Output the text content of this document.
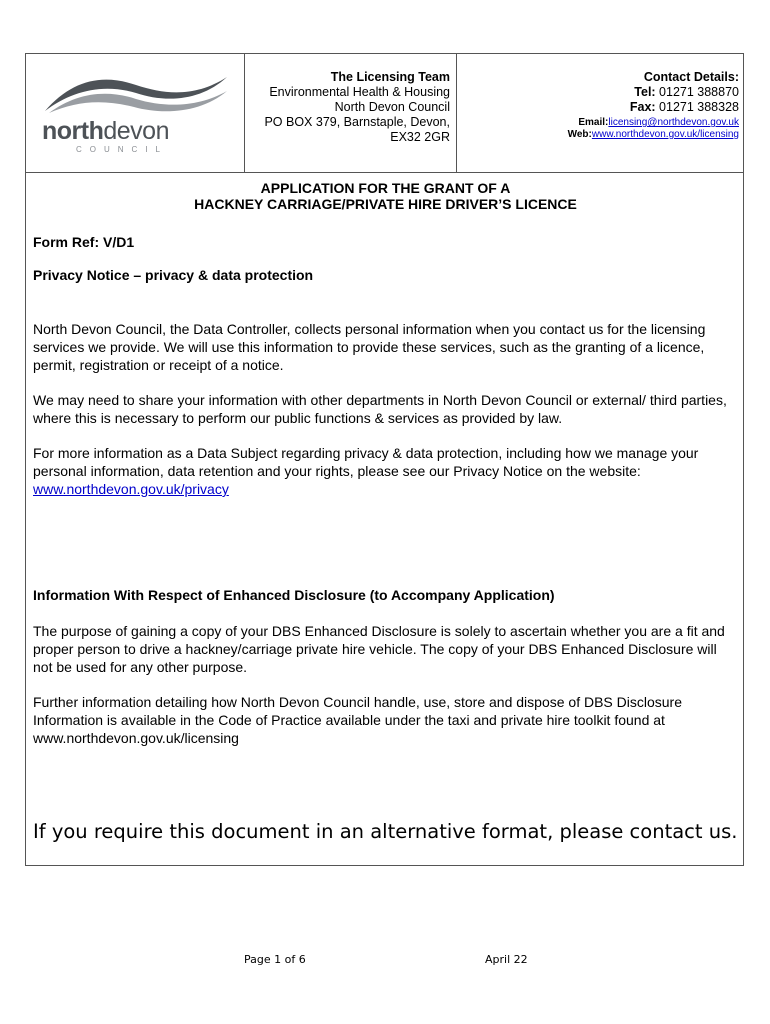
northdevon
COUNCIL
The Licensing Team
Environmental Health & Housing
North Devon Council
PO BOX 379, Barnstaple, Devon,
EX32 2GR
Contact Details:
Tel: 01271 388870
Fax: 01271 388328
Email:licensing@northdevon.gov.uk
Web:www.northdevon.gov.uk/licensing
APPLICATION FOR THE GRANT OF A
HACKNEY CARRIAGE/PRIVATE HIRE DRIVER’S LICENCE
Form Ref: V/D1
Privacy Notice – privacy & data protection
North Devon Council, the Data Controller, collects personal information when you contact us for the licensing services we provide. We will use this information to provide these services, such as the granting of a licence, permit, registration or receipt of a notice.
We may need to share your information with other departments in North Devon Council or external/ third parties, where this is necessary to perform our public functions & services as provided by law.
For more information as a Data Subject regarding privacy & data protection, including how we manage your personal information, data retention and your rights, please see our Privacy Notice on the website:
www.northdevon.gov.uk/privacy
Information With Respect of Enhanced Disclosure (to Accompany Application)
The purpose of gaining a copy of your DBS Enhanced Disclosure is solely to ascertain whether you are a fit and proper person to drive a hackney/carriage private hire vehicle. The copy of your DBS Enhanced Disclosure will not be used for any other purpose.
Further information detailing how North Devon Council handle, use, store and dispose of DBS Disclosure Information is available in the Code of Practice available under the taxi and private hire toolkit found at www.northdevon.gov.uk/licensing
If you require this document in an alternative format, please contact us.
Page 1 of 6	April 22
